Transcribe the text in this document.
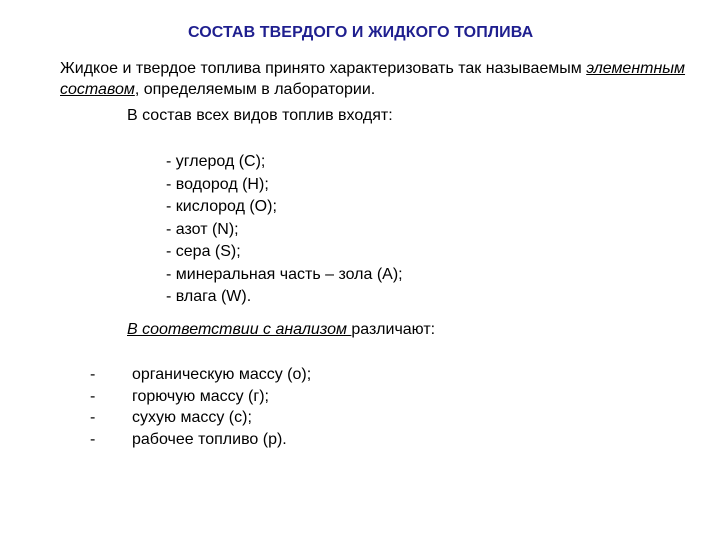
СОСТАВ ТВЕРДОГО И ЖИДКОГО ТОПЛИВА
Жидкое и твердое топлива принято характеризовать так называемым элементным составом, определяемым в лаборатории.
В состав всех видов топлив входят:
- углерод (С);
- водород (Н);
- кислород (О);
- азот (N);
- сера (S);
- минеральная часть – зола (А);
- влага (W).
В соответствии с анализом различают:
- органическую массу (о);
- горючую массу (г);
- сухую массу (с);
- рабочее топливо (р).
